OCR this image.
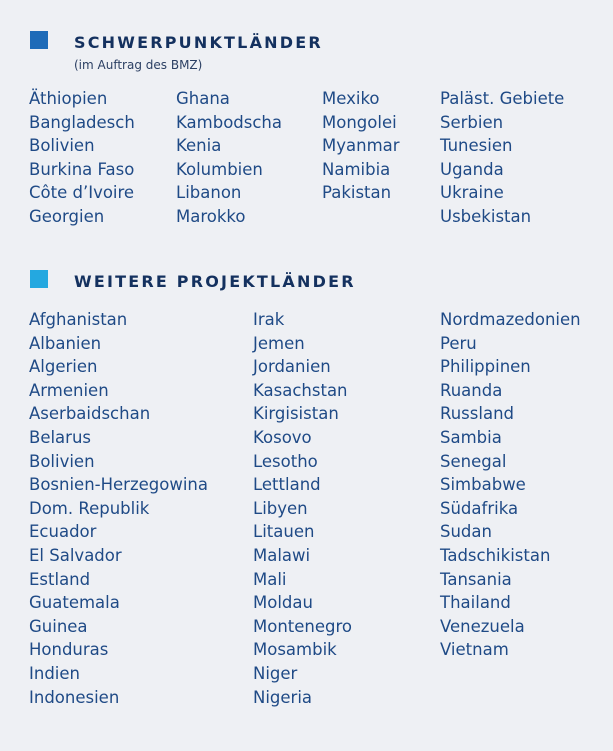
SCHWERPUNKTLÄNDER
(im Auftrag des BMZ)
Äthiopien
Bangladesch
Bolivien
Burkina Faso
Côte d’Ivoire
Georgien
Ghana
Kambodscha
Kenia
Kolumbien
Libanon
Marokko
Mexiko
Mongolei
Myanmar
Namibia
Pakistan
Paläst. Gebiete
Serbien
Tunesien
Uganda
Ukraine
Usbekistan
WEITERE PROJEKTLÄNDER
Afghanistan
Albanien
Algerien
Armenien
Aserbaidschan
Belarus
Bolivien
Bosnien-Herzegowina
Dom. Republik
Ecuador
El Salvador
Estland
Guatemala
Guinea
Honduras
Indien
Indonesien
Irak
Jemen
Jordanien
Kasachstan
Kirgisistan
Kosovo
Lesotho
Lettland
Libyen
Litauen
Malawi
Mali
Moldau
Montenegro
Mosambik
Niger
Nigeria
Nordmazedonien
Peru
Philippinen
Ruanda
Russland
Sambia
Senegal
Simbabwe
Südafrika
Sudan
Tadschikistan
Tansania
Thailand
Venezuela
Vietnam
